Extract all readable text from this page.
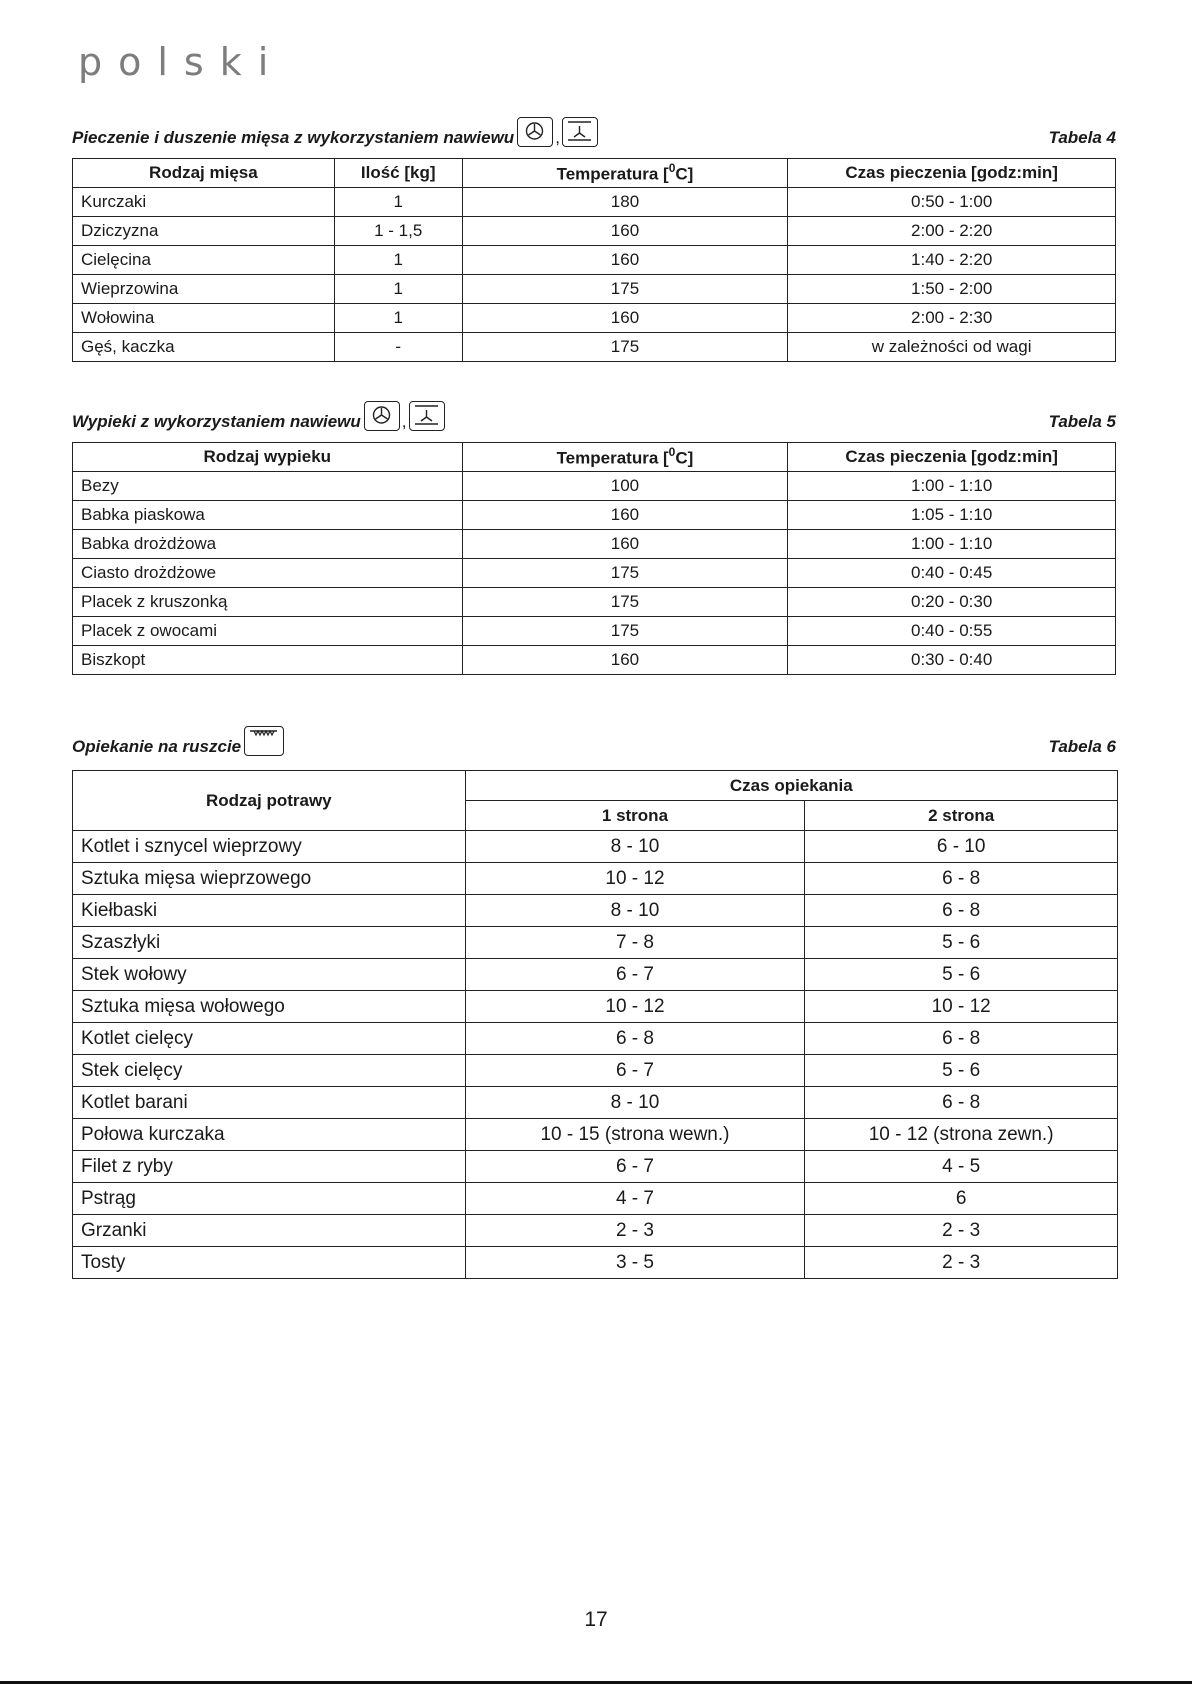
polski
Pieczenie i duszenie mięsa z wykorzystaniem nawiewu ,	Tabela 4
Rodzaj mięsa	Ilość [kg]	Temperatura [$^0$C]	Czas pieczenia [godz:min]
Kurczaki	1	180	0:50 - 1:00
Dziczyzna	1 - 1,5	160	2:00 - 2:20
Cielęcina	1	160	1:40 - 2:20
Wieprzowina	1	175	1:50 - 2:00
Wołowina	1	160	2:00 - 2:30
Gęś, kaczka	-	175	w zależności od wagi
Wypieki z wykorzystaniem nawiewu ,	Tabela 5
Rodzaj wypieku	Temperatura [$^0$C]	Czas pieczenia [godz:min]
Bezy	100	1:00 - 1:10
Babka piaskowa	160	1:05 - 1:10
Babka drożdżowa	160	1:00 - 1:10
Ciasto drożdżowe	175	0:40 - 0:45
Placek z kruszonką	175	0:20 - 0:30
Placek z owocami	175	0:40 - 0:55
Biszkopt	160	0:30 - 0:40
Opiekanie na ruszcie	Tabela 6
Rodzaj potrawy	Czas opiekania	
	1 strona	2 strona
Kotlet i sznycel wieprzowy	8 - 10	6 - 10
Sztuka mięsa wieprzowego	10 - 12	6 - 8
Kiełbaski	8 - 10	6 - 8
Szaszłyki	7 - 8	5 - 6
Stek wołowy	6 - 7	5 - 6
Sztuka mięsa wołowego	10 - 12	10 - 12
Kotlet cielęcy	6 - 8	6 - 8
Stek cielęcy	6 - 7	5 - 6
Kotlet barani	8 - 10	6 - 8
Połowa kurczaka	10 - 15 (strona wewn.)	10 - 12 (strona zewn.)
Filet z ryby	6 - 7	4 - 5
Pstrąg	4 - 7	6
Grzanki	2 - 3	2 - 3
Tosty	3 - 5	2 - 3
17
